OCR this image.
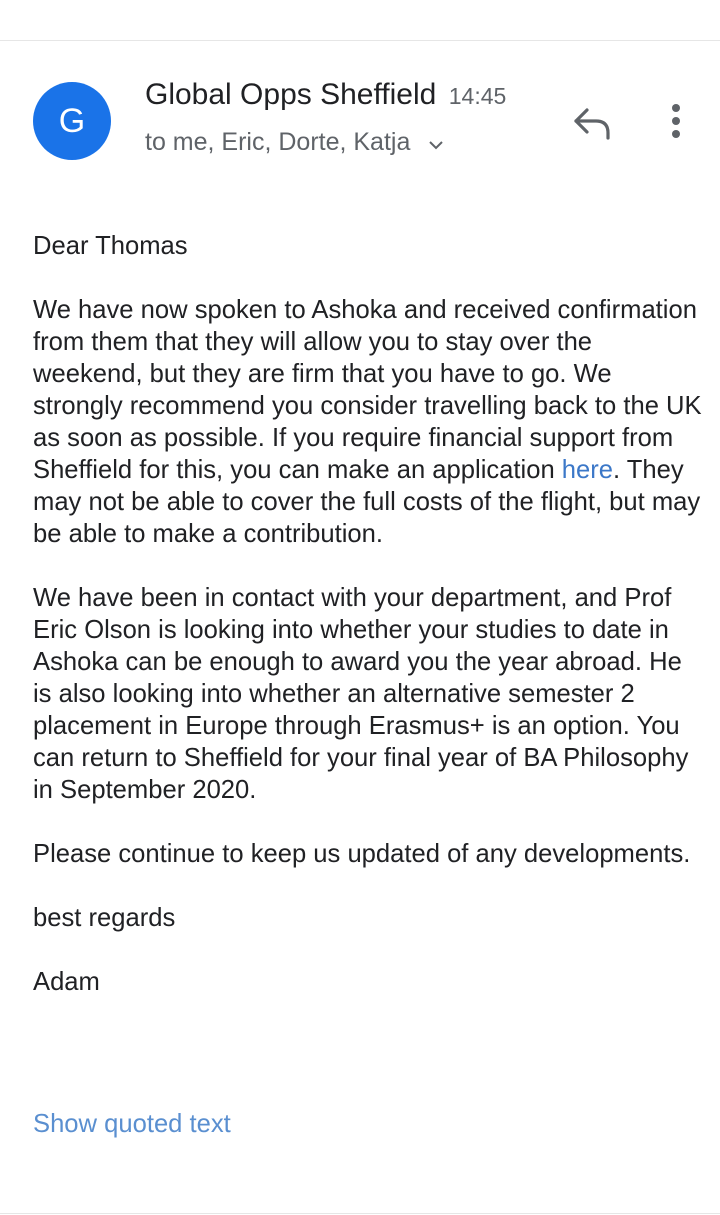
G
Global Opps Sheffield 14:45
to me, Eric, Dorte, Katja

Dear Thomas

We have now spoken to Ashoka and received confirmation from them that they will allow you to stay over the weekend, but they are firm that you have to go. We strongly recommend you consider travelling back to the UK as soon as possible. If you require financial support from Sheffield for this, you can make an application here. They may not be able to cover the full costs of the flight, but may be able to make a contribution.

We have been in contact with your department, and Prof Eric Olson is looking into whether your studies to date in Ashoka can be enough to award you the year abroad. He is also looking into whether an alternative semester 2 placement in Europe through Erasmus+ is an option. You can return to Sheffield for your final year of BA Philosophy in September 2020.

Please continue to keep us updated of any developments.

best regards

Adam

Show quoted text
